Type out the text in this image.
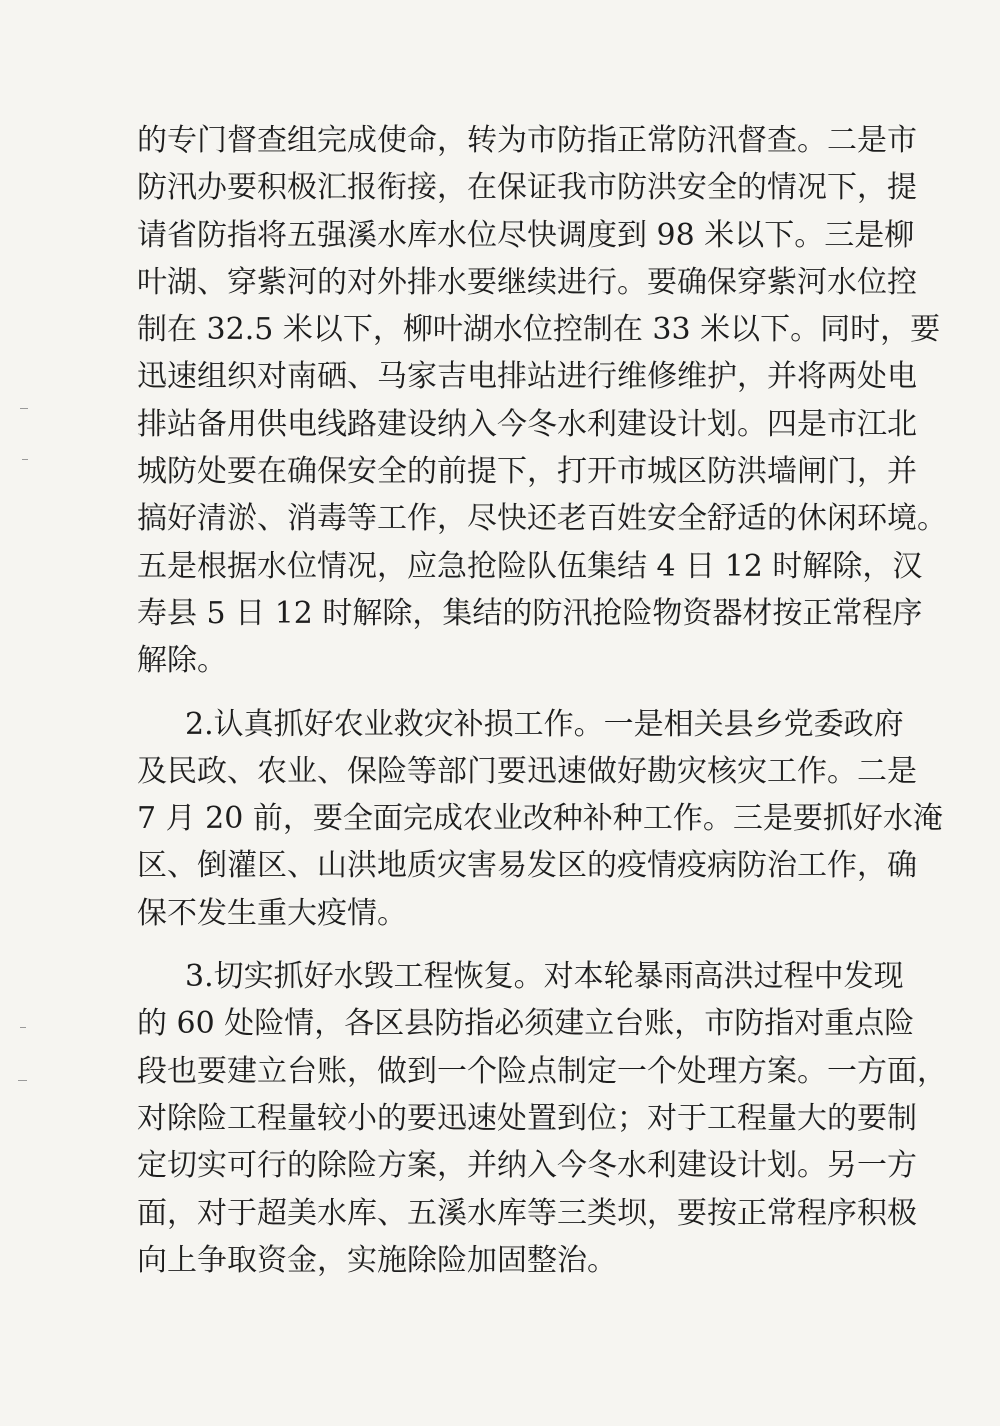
的专门督查组完成使命，转为市防指正常防汛督查。二是市
防汛办要积极汇报衔接，在保证我市防洪安全的情况下，提
请省防指将五强溪水库水位尽快调度到 98 米以下。三是柳
叶湖、穿紫河的对外排水要继续进行。要确保穿紫河水位控
制在 32.5 米以下，柳叶湖水位控制在 33 米以下。同时，要
迅速组织对南硒、马家吉电排站进行维修维护，并将两处电
排站备用供电线路建设纳入今冬水利建设计划。四是市江北
城防处要在确保安全的前提下，打开市城区防洪墙闸门，并
搞好清淤、消毒等工作，尽快还老百姓安全舒适的休闲环境。
五是根据水位情况，应急抢险队伍集结 4 日 12 时解除，汉
寿县 5 日 12 时解除，集结的防汛抢险物资器材按正常程序
解除。
2.认真抓好农业救灾补损工作。一是相关县乡党委政府
及民政、农业、保险等部门要迅速做好勘灾核灾工作。二是
7 月 20 前，要全面完成农业改种补种工作。三是要抓好水淹
区、倒灌区、山洪地质灾害易发区的疫情疫病防治工作，确
保不发生重大疫情。
3.切实抓好水毁工程恢复。对本轮暴雨高洪过程中发现
的 60 处险情，各区县防指必须建立台账，市防指对重点险
段也要建立台账，做到一个险点制定一个处理方案。一方面，
对除险工程量较小的要迅速处置到位；对于工程量大的要制
定切实可行的除险方案，并纳入今冬水利建设计划。另一方
面，对于超美水库、五溪水库等三类坝，要按正常程序积极
向上争取资金，实施除险加固整治。
